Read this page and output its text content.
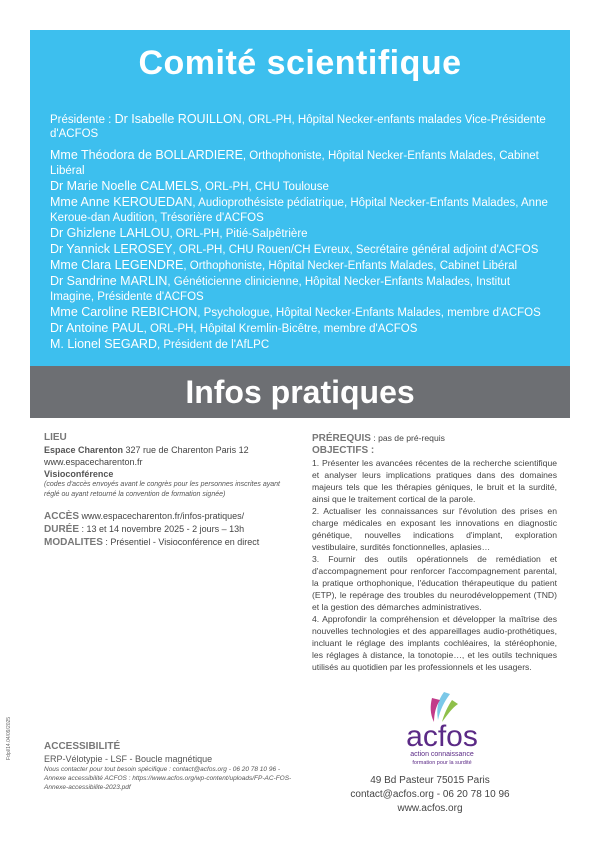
Comité scientifique
Présidente : Dr Isabelle ROUILLON, ORL-PH, Hôpital Necker-enfants malades Vice-Présidente d'ACFOS

Mme Théodora de BOLLARDIERE, Orthophoniste, Hôpital Necker-Enfants Malades, Cabinet Libéral

Dr Marie Noelle CALMELS, ORL-PH, CHU Toulouse

Mme Anne KEROUEDAN, Audioprothésiste pédiatrique, Hôpital Necker-Enfants Malades, Anne Keroue-dan Audition, Trésorière d'ACFOS

Dr Ghizlene LAHLOU, ORL-PH, Pitié-Salpêtrière

Dr Yannick LEROSEY, ORL-PH, CHU Rouen/CH Evreux, Secrétaire général adjoint d'ACFOS

Mme Clara LEGENDRE, Orthophoniste, Hôpital Necker-Enfants Malades, Cabinet Libéral

Dr Sandrine MARLIN, Généticienne clinicienne, Hôpital Necker-Enfants Malades, Institut Imagine, Présidente d'ACFOS

Mme Caroline REBICHON, Psychologue, Hôpital Necker-Enfants Malades, membre d'ACFOS

Dr Antoine PAUL, ORL-PH, Hôpital Kremlin-Bicêtre, membre d'ACFOS

M. Lionel SEGARD, Président de l'AfLPC

Infos pratiques
LIEU
Espace Charenton 327 rue de Charenton Paris 12
www.espacecharenton.fr
Visioconférence
(codes d'accès envoyés avant le congrès pour les personnes inscrites ayant réglé ou ayant retourné la convention de formation signée)
ACCÈS www.espacecharenton.fr/infos-pratiques/
DURÉE : 13 et 14 novembre 2025 - 2 jours – 13h
MODALITES : Présentiel - Visioconférence en direct
PRÉREQUIS : pas de pré-requis
OBJECTIFS :

1. Présenter les avancées récentes de la recherche scientifique et analyser leurs implications pratiques dans des domaines majeurs tels que les thérapies géniques, le bruit et la surdité, ainsi que le traitement cortical de la parole.

2. Actualiser les connaissances sur l'évolution des prises en charge médicales en exposant les innovations en diagnostic génétique, nouvelles indications d'implant, exploration vestibulaire, surdités fonctionnelles, aplasies…

3. Fournir des outils opérationnels de remédiation et d'accompagnement pour renforcer l'accompagnement parental, la pratique orthophonique, l'éducation thérapeutique du patient (ETP), le repérage des troubles du neurodéveloppement (TND) et la gestion des démarches administratives.

4. Approfondir la compréhension et développer la maîtrise des nouvelles technologies et des appareillages audio-prothétiques, incluant le réglage des implants cochléaires, la stéréophonie, les réglages à distance, la tonotopie…, et les outils techniques utilisés au quotidien par les professionnels et les usagers.

ACCESSIBILITÉ
ERP-Vélotypie - LSF - Boucle magnétique
Nous contacter pour tout besoin spécifique : contact@acfos.org - 06 20 78 10 96 - Annexe accessibilité ACFOS : https://www.acfos.org/wp-content/uploads/FP-AC-FOS-Annexe-accessibilite-2023.pdf
acfos
action connaissance
formation pour la surdité
49 Bd Pasteur 75015 Paris
contact@acfos.org - 06 20 78 10 96
www.acfos.org
Fdpl/14.04/09/2025
